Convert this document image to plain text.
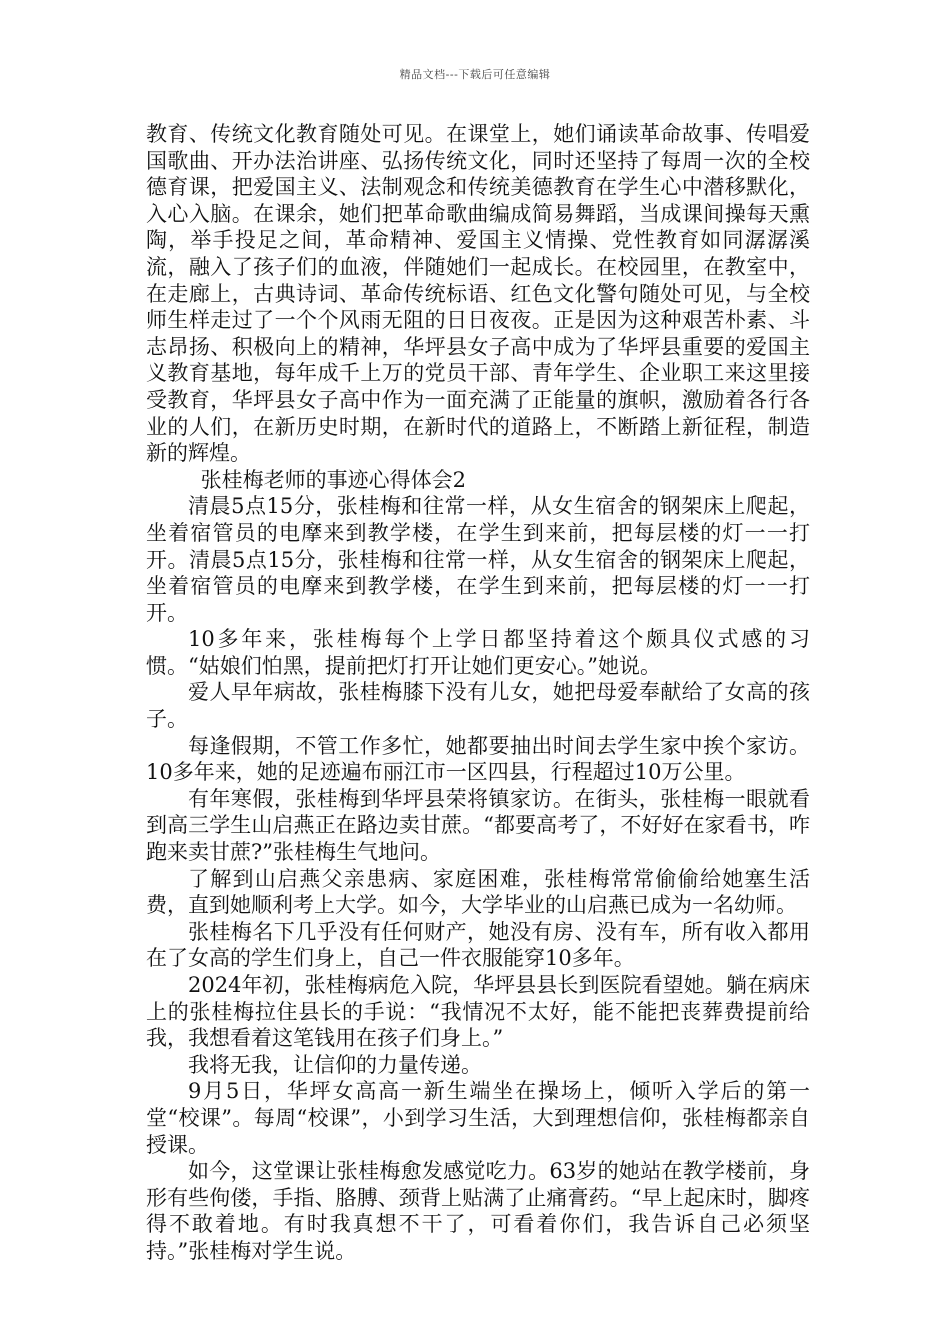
精品文档---下载后可任意编辑

教育、传统文化教育随处可见。在课堂上，她们诵读革命故事、传唱爱国歌曲、开办法治讲座、弘扬传统文化，同时还坚持了每周一次的全校德育课，把爱国主义、法制观念和传统美德教育在学生心中潜移默化，入心入脑。在课余，她们把革命歌曲编成简易舞蹈，当成课间操每天熏陶，举手投足之间，革命精神、爱国主义情操、党性教育如同潺潺溪流，融入了孩子们的血液，伴随她们一起成长。在校园里，在教室中，在走廊上，古典诗词、革命传统标语、红色文化警句随处可见，与全校师生样走过了一个个风雨无阻的日日夜夜。正是因为这种艰苦朴素、斗志昂扬、积极向上的精神，华坪县女子高中成为了华坪县重要的爱国主义教育基地，每年成千上万的党员干部、青年学生、企业职工来这里接受教育，华坪县女子高中作为一面充满了正能量的旗帜，激励着各行各业的人们，在新历史时期，在新时代的道路上，不断踏上新征程，制造新的辉煌。

张桂梅老师的事迹心得体会2

清晨5点15分，张桂梅和往常一样，从女生宿舍的钢架床上爬起，坐着宿管员的电摩来到教学楼，在学生到来前，把每层楼的灯一一打开。清晨5点15分，张桂梅和往常一样，从女生宿舍的钢架床上爬起，坐着宿管员的电摩来到教学楼，在学生到来前，把每层楼的灯一一打开。

10多年来，张桂梅每个上学日都坚持着这个颇具仪式感的习惯。“姑娘们怕黑，提前把灯打开让她们更安心。”她说。

爱人早年病故，张桂梅膝下没有儿女，她把母爱奉献给了女高的孩子。

每逢假期，不管工作多忙，她都要抽出时间去学生家中挨个家访。10多年来，她的足迹遍布丽江市一区四县，行程超过10万公里。

有年寒假，张桂梅到华坪县荣将镇家访。在街头，张桂梅一眼就看到高三学生山启燕正在路边卖甘蔗。“都要高考了，不好好在家看书，咋跑来卖甘蔗?”张桂梅生气地问。

了解到山启燕父亲患病、家庭困难，张桂梅常常偷偷给她塞生活费，直到她顺利考上大学。如今，大学毕业的山启燕已成为一名幼师。

张桂梅名下几乎没有任何财产，她没有房、没有车，所有收入都用在了女高的学生们身上，自己一件衣服能穿10多年。

2024年初，张桂梅病危入院，华坪县县长到医院看望她。躺在病床上的张桂梅拉住县长的手说：“我情况不太好，能不能把丧葬费提前给我，我想看着这笔钱用在孩子们身上。”

我将无我，让信仰的力量传递。

9月5日，华坪女高高一新生端坐在操场上，倾听入学后的第一堂“校课”。每周“校课”，小到学习生活，大到理想信仰，张桂梅都亲自授课。

如今，这堂课让张桂梅愈发感觉吃力。63岁的她站在教学楼前，身形有些佝偻，手指、胳膊、颈背上贴满了止痛膏药。“早上起床时，脚疼得不敢着地。有时我真想不干了，可看着你们，我告诉自己必须坚持。”张桂梅对学生说。
